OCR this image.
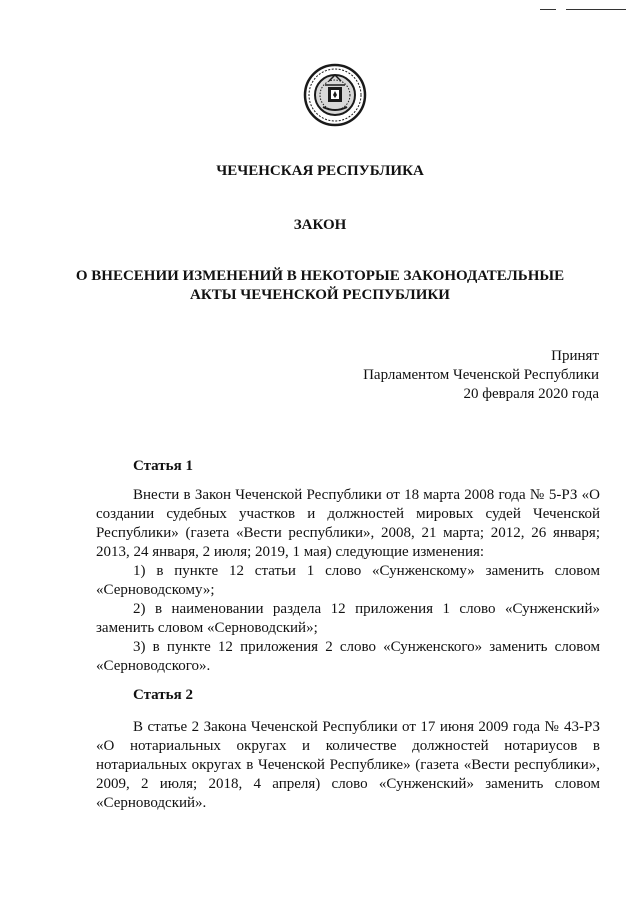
ЧЕЧЕНСКАЯ РЕСПУБЛИКА
ЗАКОН
О ВНЕСЕНИИ ИЗМЕНЕНИЙ В НЕКОТОРЫЕ ЗАКОНОДАТЕЛЬНЫЕ
АКТЫ ЧЕЧЕНСКОЙ РЕСПУБЛИКИ
Принят
Парламентом Чеченской Республики
20 февраля 2020 года
Статья 1

Внести в Закон Чеченской Республики от 18 марта 2008 года № 5-РЗ «О создании судебных участков и должностей мировых судей Чеченской Республики» (газета «Вести республики», 2008, 21 марта; 2012, 26 января; 2013, 24 января, 2 июля; 2019, 1 мая) следующие изменения:

1) в пункте 12 статьи 1 слово «Сунженскому» заменить словом «Серноводскому»;

2) в наименовании раздела 12 приложения 1 слово «Сунженский» заменить словом «Серноводский»;

3) в пункте 12 приложения 2 слово «Сунженского» заменить словом «Серноводского».

Статья 2

В статье 2 Закона Чеченской Республики от 17 июня 2009 года № 43-РЗ «О нотариальных округах и количестве должностей нотариусов в нотариальных округах в Чеченской Республике» (газета «Вести республики», 2009, 2 июля; 2018, 4 апреля) слово «Сунженский» заменить словом «Серноводский».
